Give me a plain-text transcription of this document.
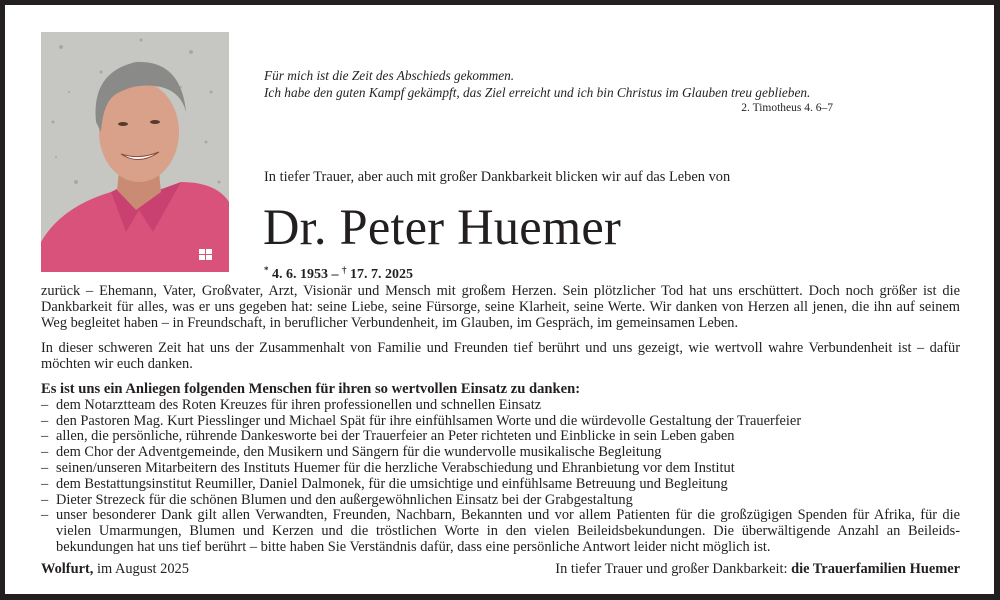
Für mich ist die Zeit des Abschieds gekommen.
Ich habe den guten Kampf gekämpft, das Ziel erreicht und ich bin Christus im Glauben treu geblieben.
2. Timotheus 4. 6–7
In tiefer Trauer, aber auch mit großer Dankbarkeit blicken wir auf das Leben von
Dr. Peter Huemer
* 4. 6. 1953 – † 17. 7. 2025

zurück – Ehemann, Vater, Großvater, Arzt, Visionär und Mensch mit großem Herzen. Sein plötzlicher Tod hat uns erschüttert. Doch noch größer ist die Dankbarkeit für alles, was er uns gegeben hat: seine Liebe, seine Fürsorge, seine Klarheit, seine Werte. Wir danken von Herzen all jenen, die ihn auf seinem Weg begleitet haben – in Freundschaft, in beruflicher Verbundenheit, im Glauben, im Gespräch, im gemeinsamen Leben.

In dieser schweren Zeit hat uns der Zusammenhalt von Familie und Freunden tief berührt und uns gezeigt, wie wertvoll wahre Verbundenheit ist – dafür möchten wir euch danken.

Es ist uns ein Anliegen folgenden Menschen für ihren so wertvollen Einsatz zu danken:

– dem Notarztteam des Roten Kreuzes für ihren professionellen und schnellen Einsatz
– den Pastoren Mag. Kurt Piesslinger und Michael Spät für ihre einfühlsamen Worte und die würdevolle Gestaltung der Trauerfeier
– allen, die persönliche, rührende Dankesworte bei der Trauerfeier an Peter richteten und Einblicke in sein Leben gaben
– dem Chor der Adventgemeinde, den Musikern und Sängern für die wundervolle musikalische Begleitung
– seinen/unseren Mitarbeitern des Instituts Huemer für die herzliche Verabschiedung und Ehranbietung vor dem Institut
– dem Bestattungsinstitut Reumiller, Daniel Dalmonek, für die umsichtige und einfühlsame Betreuung und Begleitung
– Dieter Strezeck für die schönen Blumen und den außergewöhnlichen Einsatz bei der Grabgestaltung
– unser besonderer Dank gilt allen Verwandten, Freunden, Nachbarn, Bekannten und vor allem Patienten für die großzügigen Spenden für Afrika, für die vielen Umarmungen, Blumen und Kerzen und die tröstlichen Worte in den vielen Beileidsbekundungen. Die überwältigende Anzahl an Beileidsbekundungen hat uns tief berührt – bitte haben Sie Verständnis dafür, dass eine persönliche Antwort leider nicht möglich ist.
Wolfurt, im August 2025	In tiefer Trauer und großer Dankbarkeit: die Trauerfamilien Huemer
